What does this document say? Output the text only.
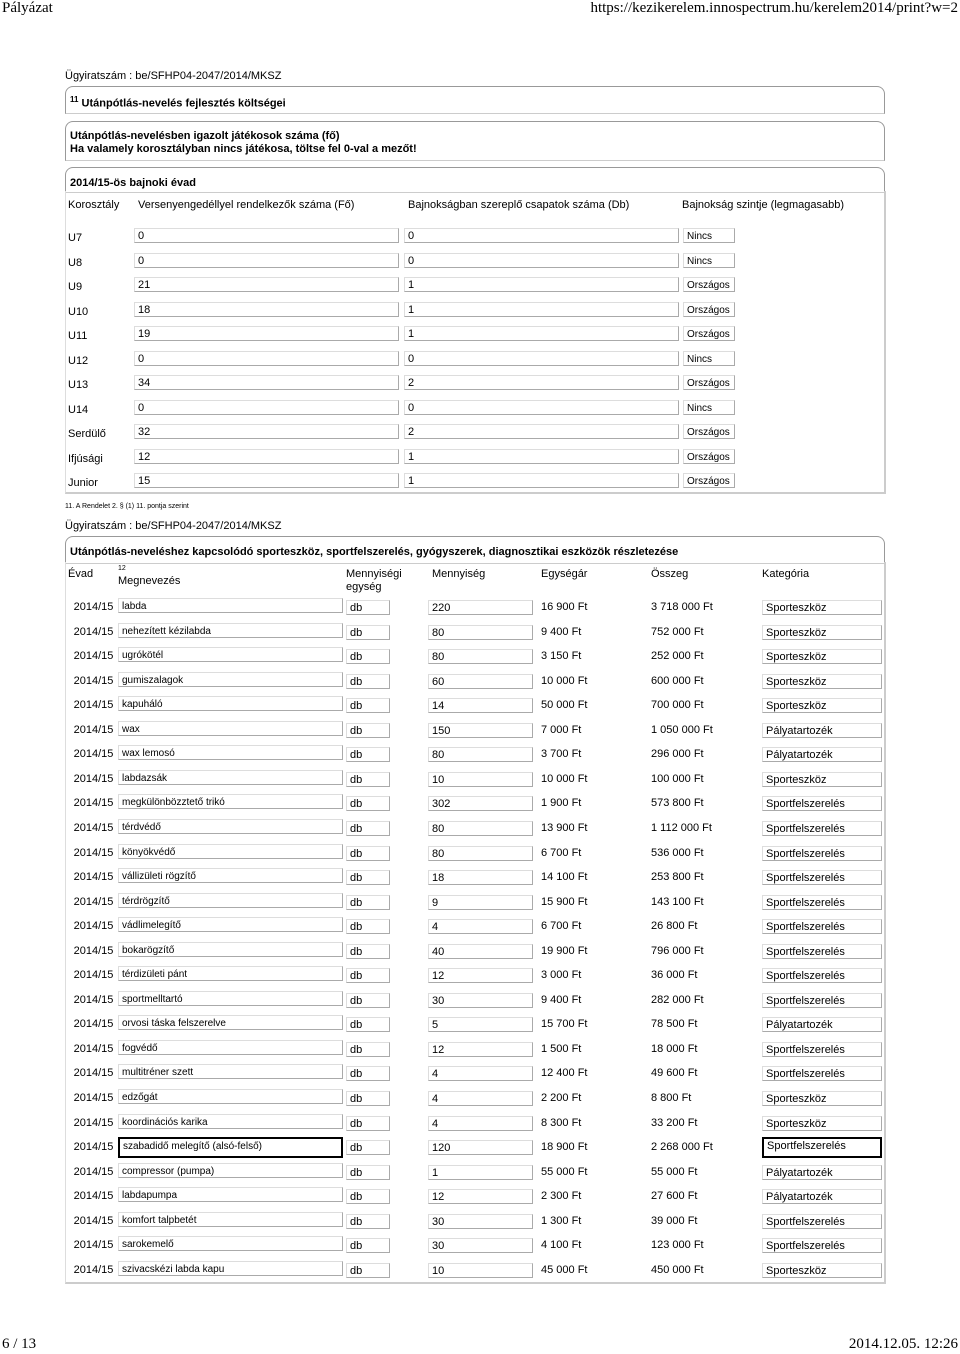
Pályázat	https://kezikerelem.innospectrum.hu/kerelem2014/print?w=2
Ügyiratszám : be/SFHP04-2047/2014/MKSZ
$^{11}$ Utánpótlás-nevelés fejlesztés költségei
Utánpótlás-nevelésben igazolt játékosok száma (fő)
Ha valamely korosztályban nincs játékosa, töltse fel 0-val a mezőt!
2014/15-ös bajnoki évad
Korosztály Versenyengedéllyel rendelkezők száma (Fő)	Bajnokságban szereplő csapatok száma (Db)	Bajnokság szintje (legmagasabb)
U7	0	0	Nincs
U8	0	0	Nincs
U9	21	1	Országos
U10	18	1	Országos
U11	19	1	Országos
U12	0	0	Nincs
U13	34	2	Országos
U14	0	0	Nincs
Serdülő	32	2	Országos
Ifjúsági	12	1	Országos
Junior	15	1	Országos
11. A Rendelet 2. § (1) 11. pontja szerint
Ügyiratszám : be/SFHP04-2047/2014/MKSZ
Utánpótlás-neveléshez kapcsolódó sporteszköz, sportfelszerelés, gyógyszerek, diagnosztikai eszközök részletezése
Évad	12
Megnevezés
Mennyiségi
egység
Mennyiség	Egységár	Összeg	Kategória
2014/15 labda	db	220	16 900 Ft	3 718 000 Ft	Sporteszköz
2014/15 nehezített kézilabda	db	80	9 400 Ft	752 000 Ft	Sporteszköz
2014/15 ugrókötél	db	80	3 150 Ft	252 000 Ft	Sporteszköz
2014/15 gumiszalagok	db	60	10 000 Ft	600 000 Ft	Sporteszköz
2014/15 kapuháló	db	14	50 000 Ft	700 000 Ft	Sporteszköz
2014/15 wax	db	150	7 000 Ft	1 050 000 Ft	Pályatartozék
2014/15 wax lemosó	db	80	3 700 Ft	296 000 Ft	Pályatartozék
2014/15 labdazsák	db	10	10 000 Ft	100 000 Ft	Sporteszköz
2014/15 megkülönbözztető trikó	db	302	1 900 Ft	573 800 Ft	Sportfelszerelés
2014/15 térdvédő	db	80	13 900 Ft	1 112 000 Ft	Sportfelszerelés
2014/15 könyökvédő	db	80	6 700 Ft	536 000 Ft	Sportfelszerelés
2014/15 vállizületi rögzítő	db	18	14 100 Ft	253 800 Ft	Sportfelszerelés
2014/15 térdrögzítő	db	9	15 900 Ft	143 100 Ft	Sportfelszerelés
2014/15 vádlimelegítő	db	4	6 700 Ft	26 800 Ft	Sportfelszerelés
2014/15 bokarögzítő	db	40	19 900 Ft	796 000 Ft	Sportfelszerelés
2014/15 térdizületi pánt	db	12	3 000 Ft	36 000 Ft	Sportfelszerelés
2014/15 sportmelltartó	db	30	9 400 Ft	282 000 Ft	Sportfelszerelés
2014/15 orvosi táska felszerelve	db	5	15 700 Ft	78 500 Ft	Pályatartozék
2014/15 fogvédő	db	12	1 500 Ft	18 000 Ft	Sportfelszerelés
2014/15 multitréner szett	db	4	12 400 Ft	49 600 Ft	Sportfelszerelés
2014/15 edzőgát	db	4	2 200 Ft	8 800 Ft	Sporteszköz
2014/15 koordinációs karika	db	4	8 300 Ft	33 200 Ft	Sporteszköz
2014/15 szabadidő melegítő (alsó-felső)	db	120	18 900 Ft	2 268 000 Ft	Sportfelszerelés
2014/15 compressor (pumpa)	db	1	55 000 Ft	55 000 Ft	Pályatartozék
2014/15 labdapumpa	db	12	2 300 Ft	27 600 Ft	Pályatartozék
2014/15 komfort talpbetét	db	30	1 300 Ft	39 000 Ft	Sportfelszerelés
2014/15 sarokemelő	db	30	4 100 Ft	123 000 Ft	Sportfelszerelés
2014/15 szivacskézi labda kapu	db	10	45 000 Ft	450 000 Ft	Sporteszköz
6 / 13	2014.12.05. 12:26
